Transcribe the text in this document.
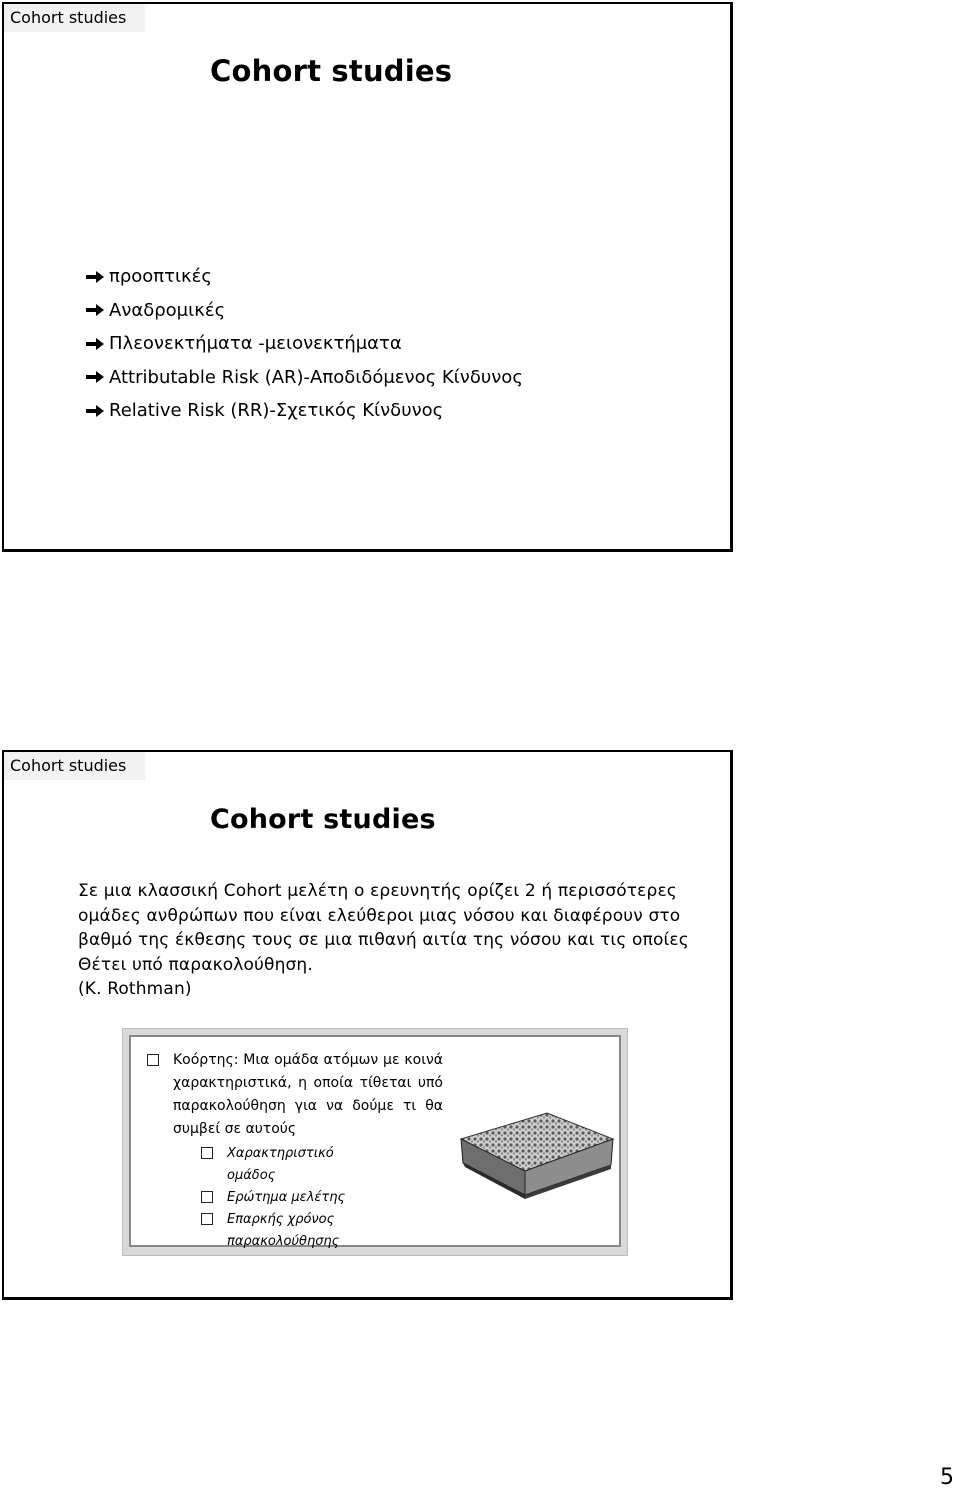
Cohort studies
Cohort studies
προοπτικές
Αναδρομικές
Πλεονεκτήματα -μειονεκτήματα
Attributable Risk (AR)-Αποδιδόμενος Κίνδυνος
Relative Risk (RR)-Σχετικός Κίνδυνος
Cohort studies
Cohort studies

Σε μια κλασσική Cohort μελέτη ο ερευνητής ορίζει 2 ή περισσότερες
ομάδες ανθρώπων που είναι ελεύθεροι μιας νόσου και διαφέρουν στο
βαθμό της έκθεσης τους σε μια πιθανή αιτία της νόσου και τις οποίες
Θέτει υπό παρακολούθηση.
(K. Rothman)

Κοόρτης: Μια ομάδα ατόμων με κοινά χαρακτηριστικά, η οποία τίθεται υπό παρακολούθηση για να δούμε τι θα συμβεί σε αυτούς
Χαρακτηριστικό ομάδος
Ερώτημα μελέτης
Επαρκής χρόνος παρακολούθησης
5
